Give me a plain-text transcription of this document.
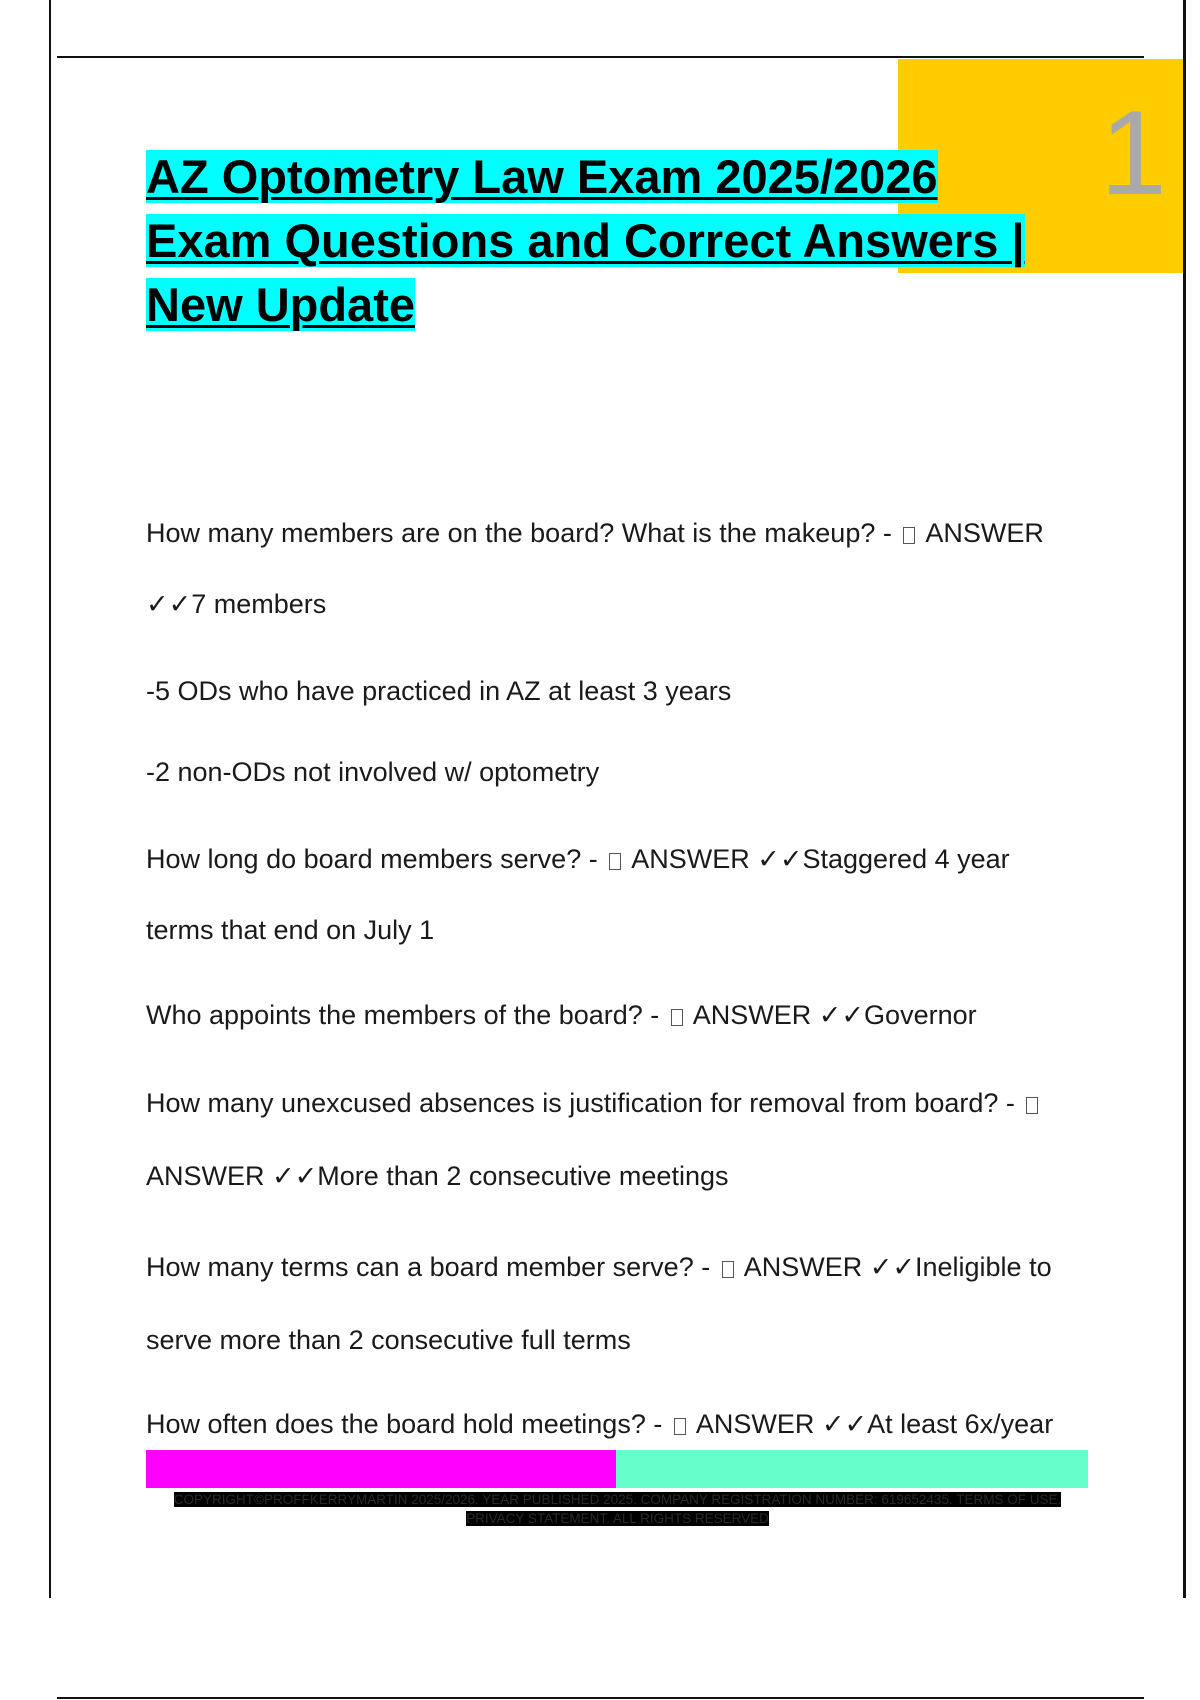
1
AZ Optometry Law Exam 2025/2026
Exam Questions and Correct Answers |
New Update
How many members are on the board? What is the makeup? -  ANSWER
✓✓7 members
-5 ODs who have practiced in AZ at least 3 years
-2 non-ODs not involved w/ optometry
How long do board members serve? -  ANSWER ✓✓Staggered 4 year
terms that end on July 1
Who appoints the members of the board? -  ANSWER ✓✓Governor
How many unexcused absences is justification for removal from board? -
ANSWER ✓✓More than 2 consecutive meetings
How many terms can a board member serve? -  ANSWER ✓✓Ineligible to
serve more than 2 consecutive full terms
How often does the board hold meetings? -  ANSWER ✓✓At least 6x/year
COPYRIGHT©PROFFKERRYMARTIN 2025/2026. YEAR PUBLISHED 2025. COMPANY REGISTRATION NUMBER: 619652435. TERMS OF USE.
PRIVACY STATEMENT. ALL RIGHTS RESERVED
